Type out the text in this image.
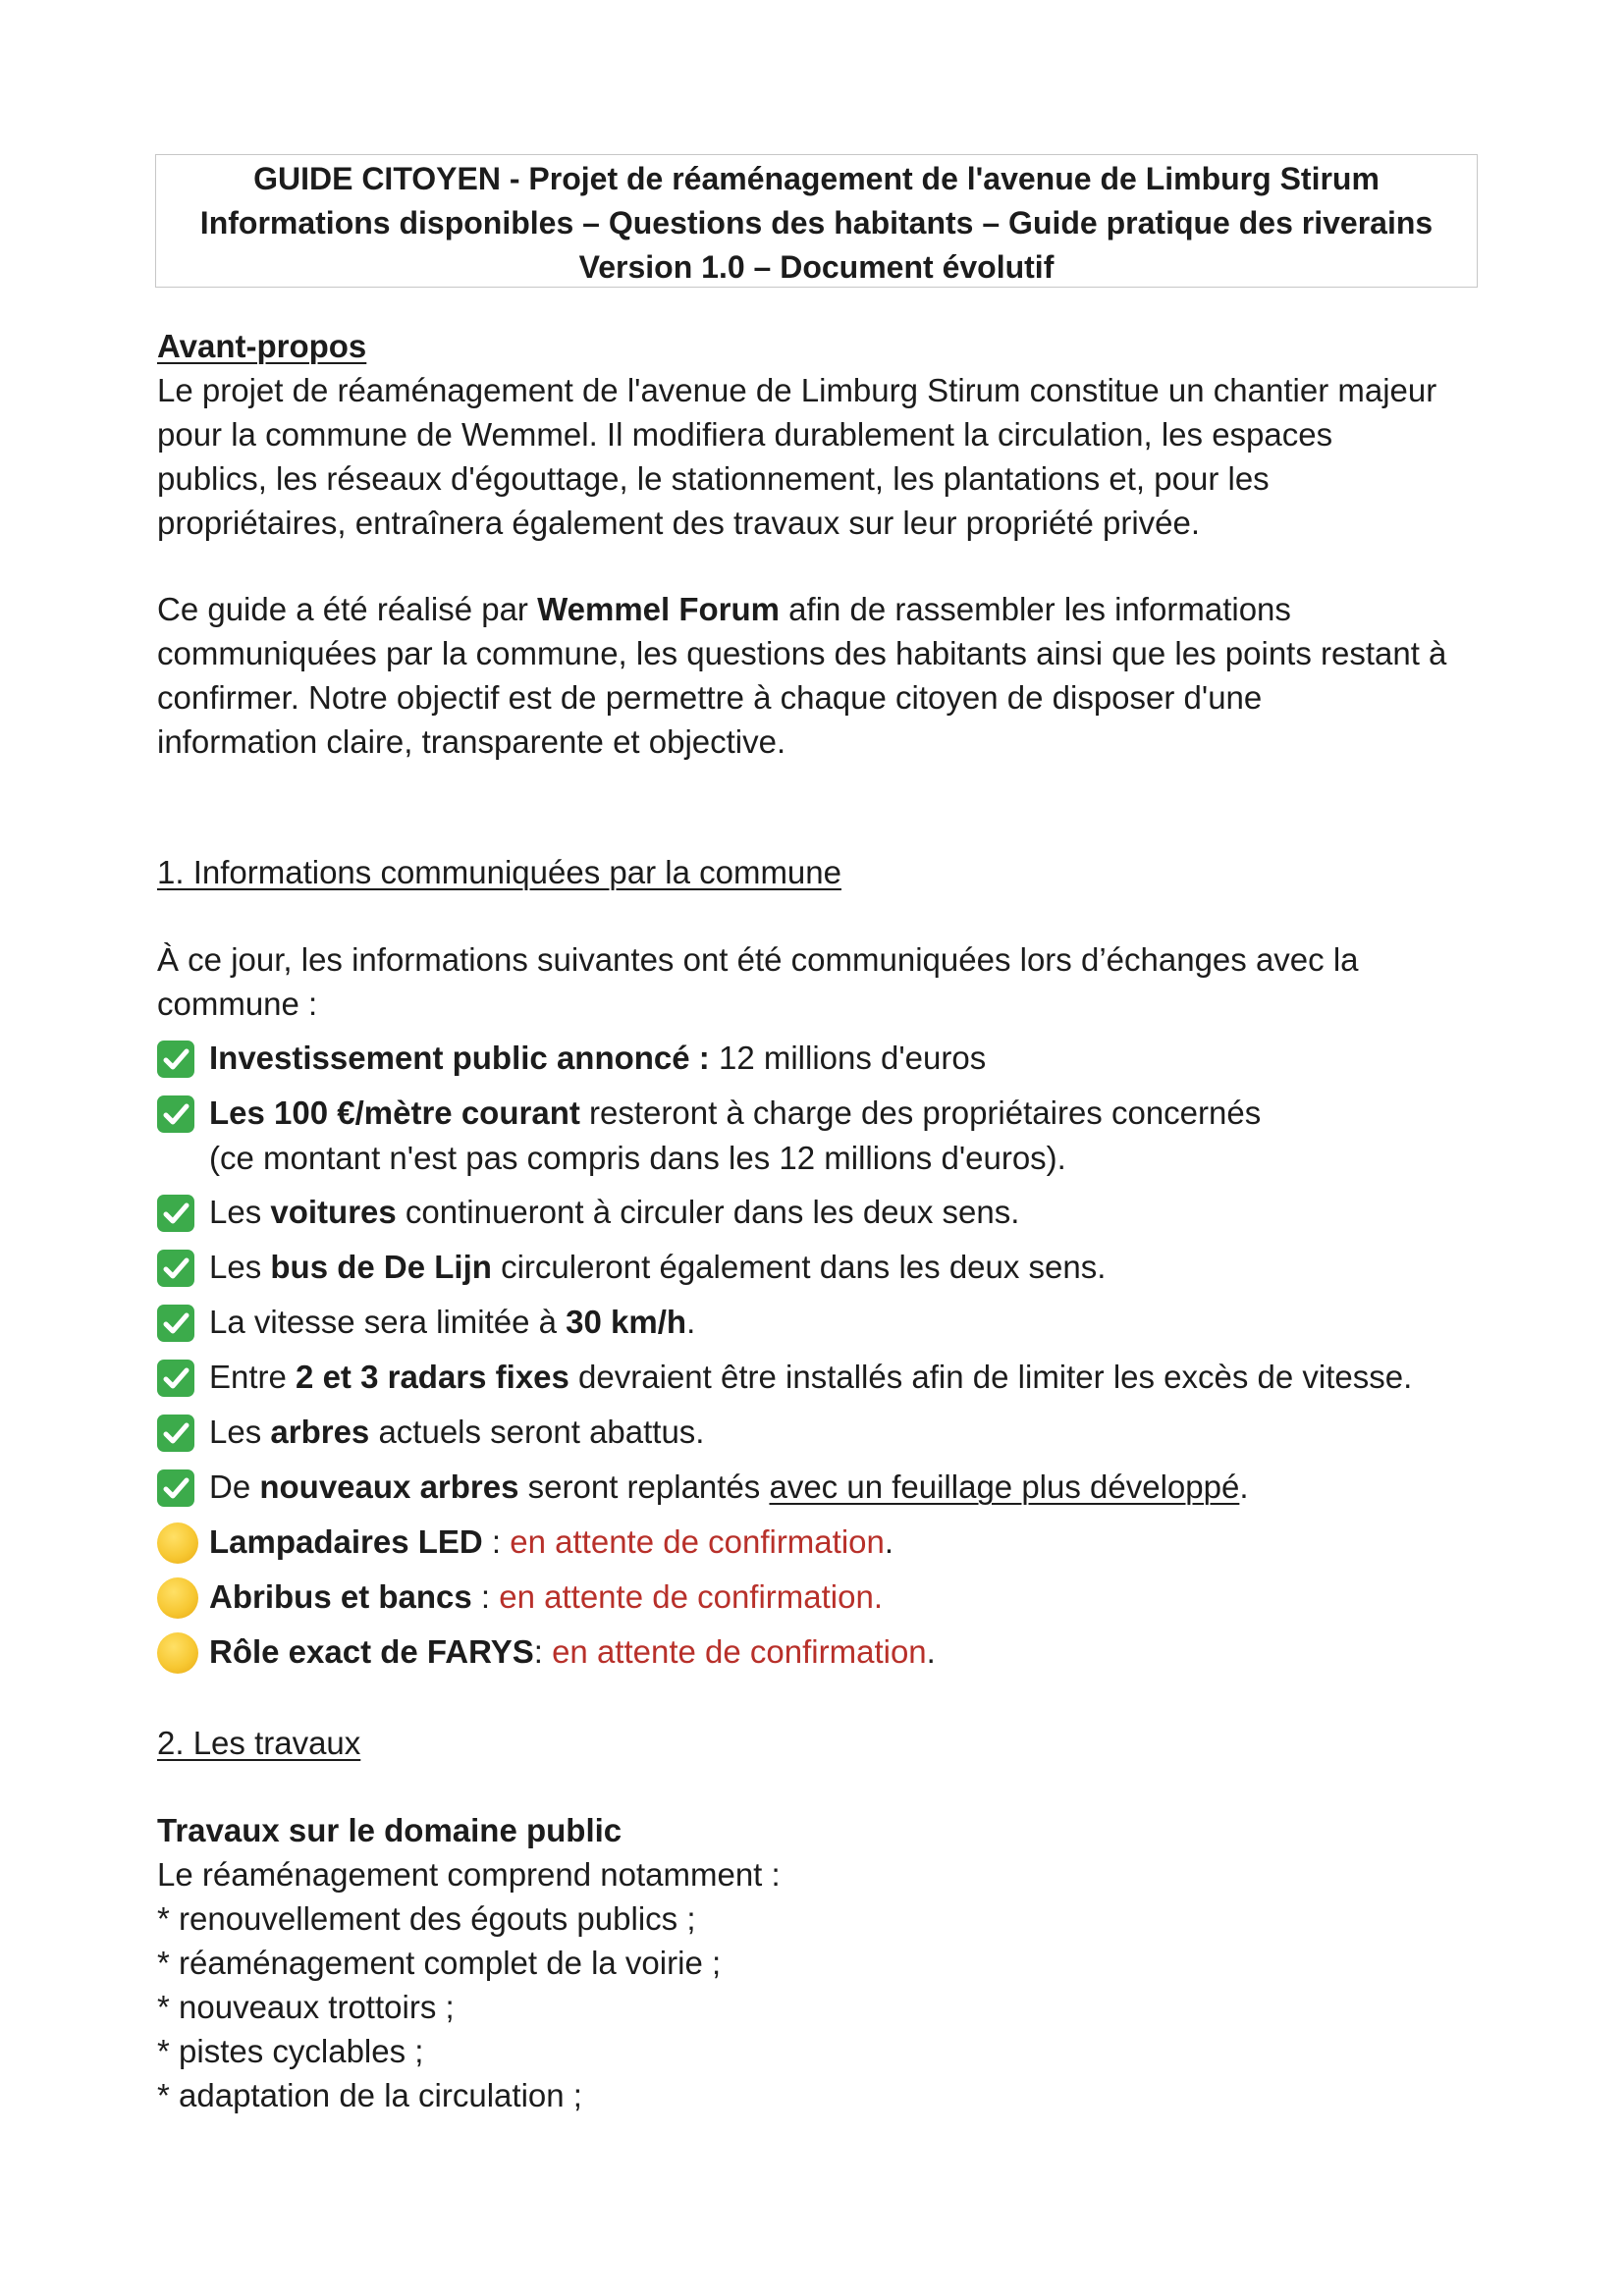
GUIDE CITOYEN - Projet de réaménagement de l'avenue de Limburg Stirum
Informations disponibles – Questions des habitants – Guide pratique des riverains
Version 1.0 – Document évolutif
Avant-propos
Le projet de réaménagement de l'avenue de Limburg Stirum constitue un chantier majeur
pour la commune de Wemmel. Il modifiera durablement la circulation, les espaces
publics, les réseaux d'égouttage, le stationnement, les plantations et, pour les
propriétaires, entraînera également des travaux sur leur propriété privée.
Ce guide a été réalisé par Wemmel Forum afin de rassembler les informations
communiquées par la commune, les questions des habitants ainsi que les points restant à
confirmer. Notre objectif est de permettre à chaque citoyen de disposer d'une
information claire, transparente et objective.
1. Informations communiquées par la commune
À ce jour, les informations suivantes ont été communiquées lors d’échanges avec la
commune :
Investissement public annoncé : 12 millions d'euros
Les 100 €/mètre courant resteront à charge des propriétaires concernés
(ce montant n'est pas compris dans les 12 millions d'euros).
Les voitures continueront à circuler dans les deux sens.
Les bus de De Lijn circuleront également dans les deux sens.
La vitesse sera limitée à 30 km/h.
Entre 2 et 3 radars fixes devraient être installés afin de limiter les excès de vitesse.
Les arbres actuels seront abattus.
De nouveaux arbres seront replantés avec un feuillage plus développé.
Lampadaires LED : en attente de confirmation.
Abribus et bancs : en attente de confirmation.
Rôle exact de FARYS: en attente de confirmation.
2. Les travaux
Travaux sur le domaine public
Le réaménagement comprend notamment :
* renouvellement des égouts publics ;
* réaménagement complet de la voirie ;
* nouveaux trottoirs ;
* pistes cyclables ;
* adaptation de la circulation ;
